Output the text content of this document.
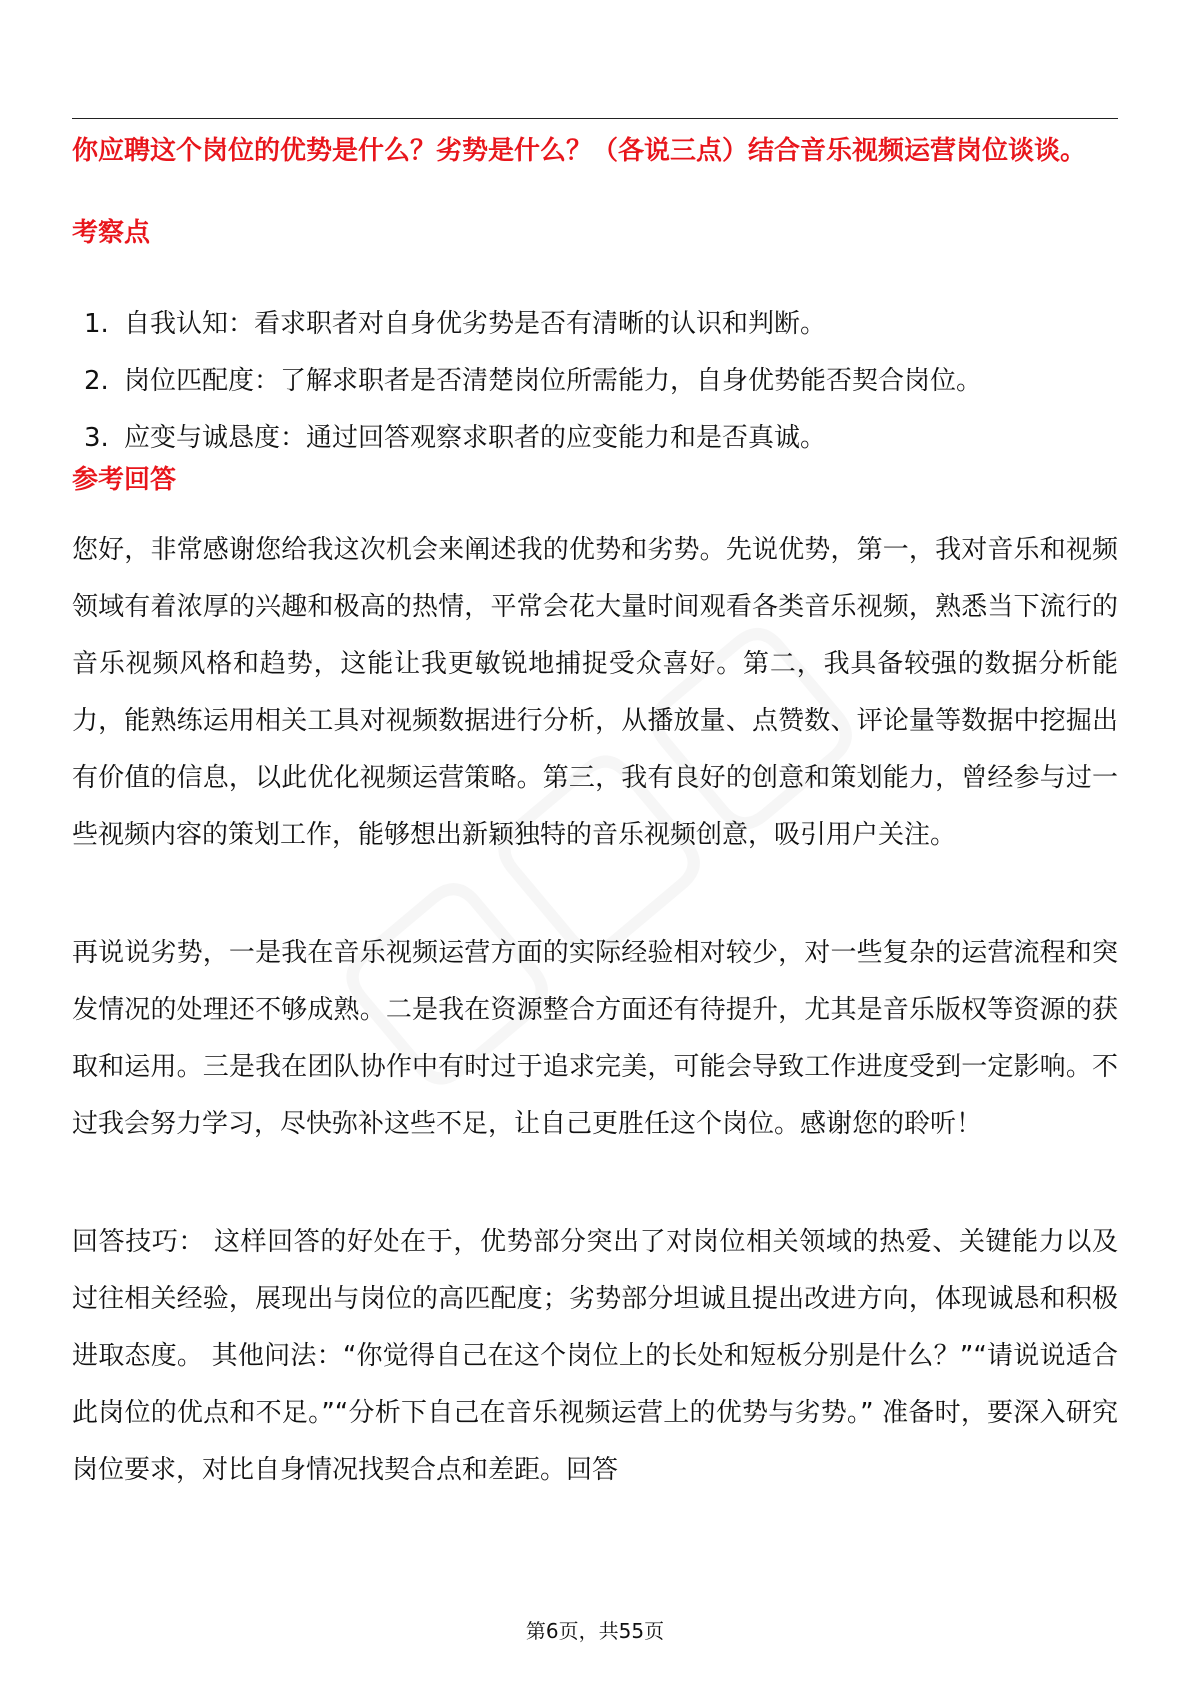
你应聘这个岗位的优势是什么？劣势是什么？（各说三点）结合音乐视频运营岗位谈谈。
考察点
1. 自我认知：看求职者对自身优劣势是否有清晰的认识和判断。
2. 岗位匹配度：了解求职者是否清楚岗位所需能力，自身优势能否契合岗位。
3. 应变与诚恳度：通过回答观察求职者的应变能力和是否真诚。
参考回答

您好，非常感谢您给我这次机会来阐述我的优势和劣势。先说优势，第一，我对音乐和视频领域有着浓厚的兴趣和极高的热情，平常会花大量时间观看各类音乐视频，熟悉当下流行的音乐视频风格和趋势，这能让我更敏锐地捕捉受众喜好。第二，我具备较强的数据分析能力，能熟练运用相关工具对视频数据进行分析，从播放量、点赞数、评论量等数据中挖掘出有价值的信息，以此优化视频运营策略。第三，我有良好的创意和策划能力，曾经参与过一些视频内容的策划工作，能够想出新颖独特的音乐视频创意，吸引用户关注。

再说说劣势，一是我在音乐视频运营方面的实际经验相对较少，对一些复杂的运营流程和突发情况的处理还不够成熟。二是我在资源整合方面还有待提升，尤其是音乐版权等资源的获取和运用。三是我在团队协作中有时过于追求完美，可能会导致工作进度受到一定影响。不过我会努力学习，尽快弥补这些不足，让自己更胜任这个岗位。感谢您的聆听！

回答技巧： 这样回答的好处在于，优势部分突出了对岗位相关领域的热爱、关键能力以及过往相关经验，展现出与岗位的高匹配度；劣势部分坦诚且提出改进方向，体现诚恳和积极进取态度。 其他问法：“你觉得自己在这个岗位上的长处和短板分别是什么？”“请说说适合此岗位的优点和不足。”“分析下自己在音乐视频运营上的优势与劣势。” 准备时，要深入研究岗位要求，对比自身情况找契合点和差距。回答

第6页，共55页
